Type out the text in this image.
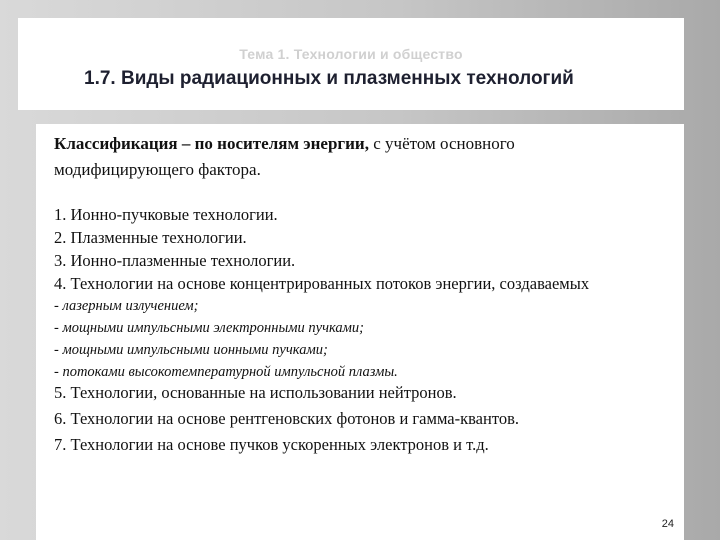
Тема 1. Технологии и общество
1.7. Виды радиационных и плазменных технологий
Классификация – по носителям энергии, с учётом основного
модифицирующего фактора.
1. Ионно-пучковые технологии.
2. Плазменные технологии.
3. Ионно-плазменные технологии.
4. Технологии на основе концентрированных потоков энергии, создаваемых
- лазерным излучением;
- мощными импульсными электронными пучками;
- мощными импульсными ионными пучками;
- потоками высокотемпературной импульсной плазмы.
5. Технологии, основанные на использовании нейтронов.
6. Технологии на основе рентгеновских фотонов и гамма-квантов.
7. Технологии на основе пучков ускоренных электронов и т.д.
24
